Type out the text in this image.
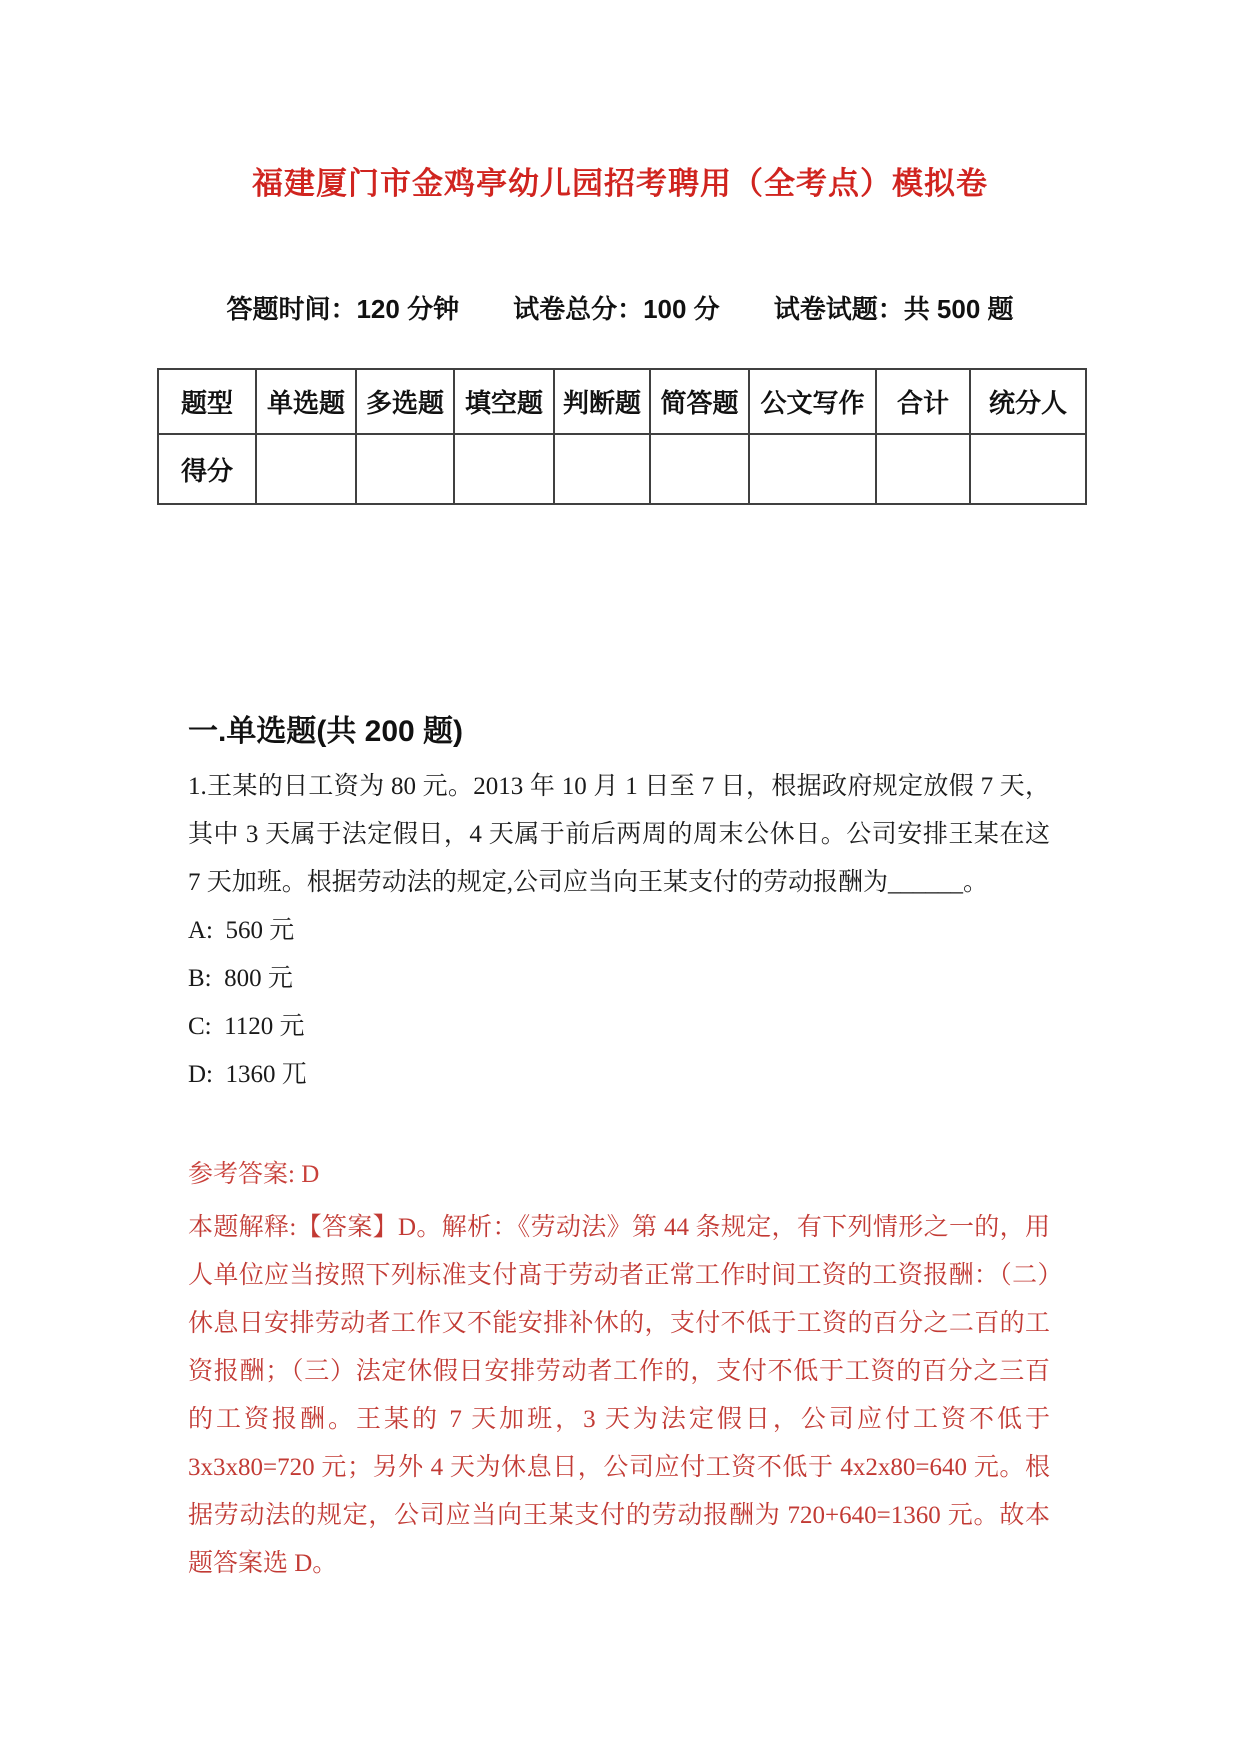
福建厦门市金鸡亭幼儿园招考聘用（全考点）模拟卷
答题时间：120 分钟 试卷总分：100 分 试卷试题：共 500 题
题型	单选题	多选题	填空题	判断题	简答题	公文写作	合计	统分人
得分								
一.单选题(共 200 题)

1.王某的日工资为 80 元。2013 年 10 月 1 日至 7 日，根据政府规定放假 7 天，其中 3 天属于法定假日，4 天属于前后两周的周末公休日。公司安排王某在这 7 天加班。根据劳动法的规定,公司应当向王某支付的劳动报酬为______。

A:  560 元
B:  800 元
C:  1120 元
D:  1360 兀
参考答案: D

本题解释:【答案】D。解析：《劳动法》第 44 条规定，有下列情形之一的，用人单位应当按照下列标准支付髙于劳动者正常工作时间工资的工资报酬：（二）休息日安排劳动者工作又不能安排补休的，支付不低于工资的百分之二百的工资报酬；（三）法定休假日安排劳动者工作的，支付不低于工资的百分之三百的工资报酬。王某的 7 天加班，3 天为法定假日，公司应付工资不低于 3x3x80=720 元；另外 4 天为休息日，公司应付工资不低于 4x2x80=640 元。根据劳动法的规定，公司应当向王某支付的劳动报酬为 720+640=1360 元。故本题答案选 D。
